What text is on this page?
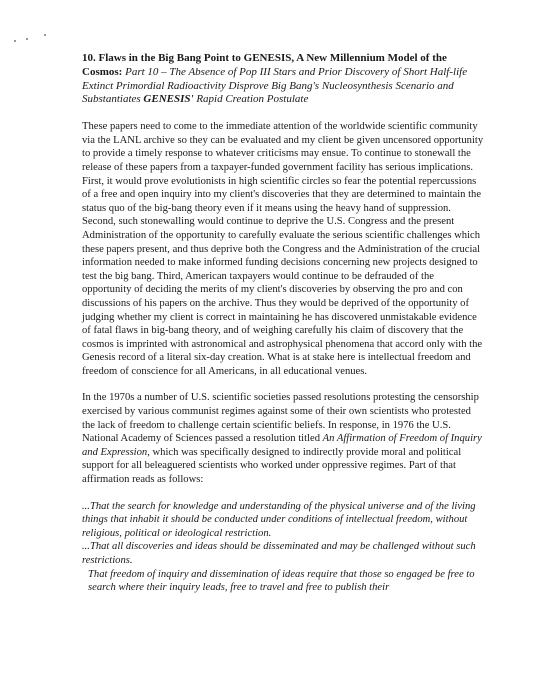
10. Flaws in the Big Bang Point to GENESIS, A New Millennium Model of the Cosmos: Part 10 – The Absence of Pop III Stars and Prior Discovery of Short Half-life Extinct Primordial Radioactivity Disprove Big Bang's Nucleosynthesis Scenario and Substantiates GENESIS' Rapid Creation Postulate

These papers need to come to the immediate attention of the worldwide scientific community via the LANL archive so they can be evaluated and my client be given uncensored opportunity to provide a timely response to whatever criticisms may ensue. To continue to stonewall the release of these papers from a taxpayer-funded government facility has serious implications. First, it would prove evolutionists in high scientific circles so fear the potential repercussions of a free and open inquiry into my client's discoveries that they are determined to maintain the status quo of the big-bang theory even if it means using the heavy hand of suppression. Second, such stonewalling would continue to deprive the U.S. Congress and the present Administration of the opportunity to carefully evaluate the serious scientific challenges which these papers present, and thus deprive both the Congress and the Administration of the crucial information needed to make informed funding decisions concerning new projects designed to test the big bang. Third, American taxpayers would continue to be defrauded of the opportunity of deciding the merits of my client's discoveries by observing the pro and con discussions of his papers on the archive. Thus they would be deprived of the opportunity of judging whether my client is correct in maintaining he has discovered unmistakable evidence of fatal flaws in big-bang theory, and of weighing carefully his claim of discovery that the cosmos is imprinted with astronomical and astrophysical phenomena that accord only with the Genesis record of a literal six-day creation. What is at stake here is intellectual freedom and freedom of conscience for all Americans, in all educational venues.

In the 1970s a number of U.S. scientific societies passed resolutions protesting the censorship exercised by various communist regimes against some of their own scientists who protested the lack of freedom to challenge certain scientific beliefs. In response, in 1976 the U.S. National Academy of Sciences passed a resolution titled An Affirmation of Freedom of Inquiry and Expression, which was specifically designed to indirectly provide moral and political support for all beleaguered scientists who worked under oppressive regimes. Part of that affirmation reads as follows:

...That the search for knowledge and understanding of the physical universe and of the living things that inhabit it should be conducted under conditions of intellectual freedom, without religious, political or ideological restriction.
...That all discoveries and ideas should be disseminated and may be challenged without such restrictions.
That freedom of inquiry and dissemination of ideas require that those so engaged be free to search where their inquiry leads, free to travel and free to publish their
